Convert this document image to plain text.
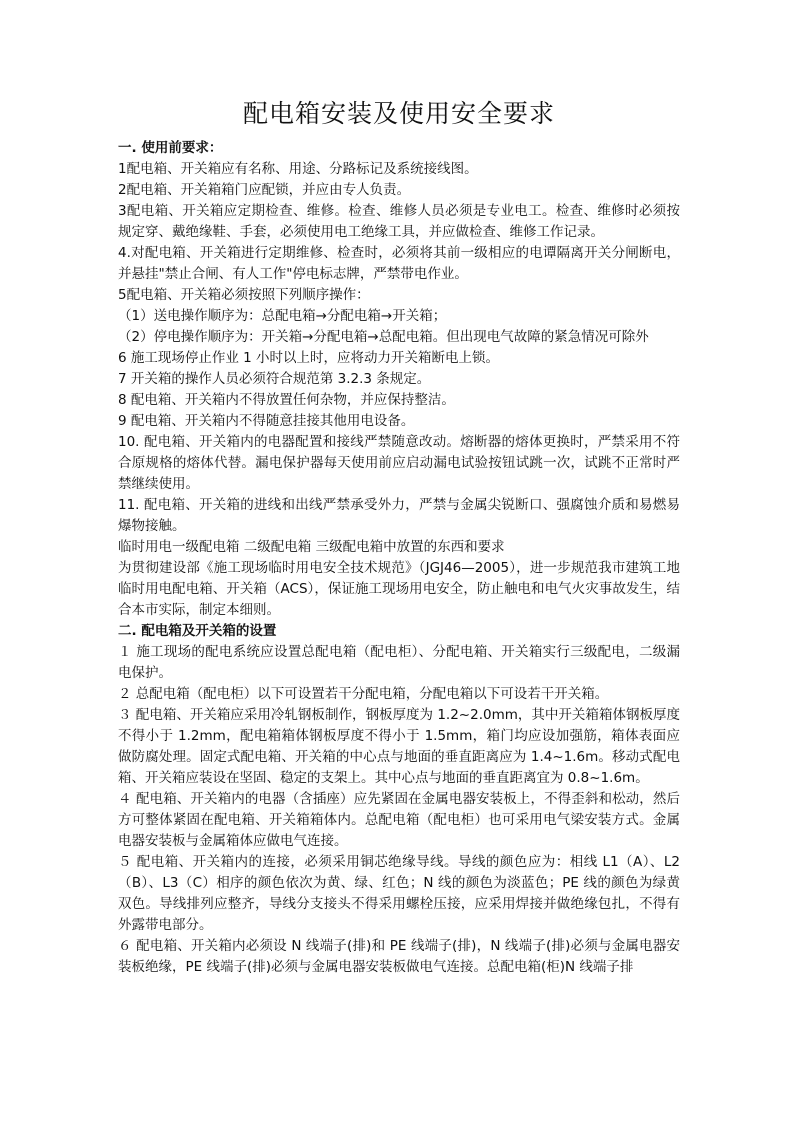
配电箱安装及使用安全要求

一. 使用前要求：

1配电箱、开关箱应有名称、用途、分路标记及系统接线图。

2配电箱、开关箱箱门应配锁，并应由专人负责。

3配电箱、开关箱应定期检查、维修。检查、维修人员必须是专业电工。检查、维修时必须按规定穿、戴绝缘鞋、手套，必须使用电工绝缘工具，并应做检查、维修工作记录。

4.对配电箱、开关箱进行定期维修、检查时，必须将其前一级相应的电谭隔离开关分闸断电，并悬挂"禁止合闸、有人工作"停电标志牌，严禁带电作业。

5配电箱、开关箱必须按照下列顺序操作：

（1）送电操作顺序为：总配电箱→分配电箱→开关箱；

（2）停电操作顺序为：开关箱→分配电箱→总配电箱。但出现电气故障的紧急情况可除外

6 施工现场停止作业 1 小时以上时，应将动力开关箱断电上锁。

7 开关箱的操作人员必须符合规范第 3.2.3 条规定。

8 配电箱、开关箱内不得放置任何杂物，并应保持整洁。

9 配电箱、开关箱内不得随意挂接其他用电设备。

10. 配电箱、开关箱内的电器配置和接线严禁随意改动。熔断器的熔体更换时，严禁采用不符合原规格的熔体代替。漏电保护器每天使用前应启动漏电试验按钮试跳一次，试跳不正常时严禁继续使用。

11. 配电箱、开关箱的进线和出线严禁承受外力，严禁与金属尖锐断口、强腐蚀介质和易燃易爆物接触。

临时用电一级配电箱 二级配电箱 三级配电箱中放置的东西和要求

为贯彻建设部《施工现场临时用电安全技术规范》（JGJ46—2005），进一步规范我市建筑工地临时用电配电箱、开关箱（ACS），保证施工现场用电安全，防止触电和电气火灾事故发生，结合本市实际，制定本细则。

二. 配电箱及开关箱的设置

１ 施工现场的配电系统应设置总配电箱（配电柜）、分配电箱、开关箱实行三级配电，二级漏电保护。

２ 总配电箱（配电柜）以下可设置若干分配电箱，分配电箱以下可设若干开关箱。

３ 配电箱、开关箱应采用冷轧钢板制作，钢板厚度为 1.2~2.0mm，其中开关箱箱体钢板厚度不得小于 1.2mm，配电箱箱体钢板厚度不得小于 1.5mm，箱门均应设加强筋，箱体表面应做防腐处理。固定式配电箱、开关箱的中心点与地面的垂直距离应为 1.4~1.6m。移动式配电箱、开关箱应装设在坚固、稳定的支架上。其中心点与地面的垂直距离宜为 0.8~1.6m。

４ 配电箱、开关箱内的电器（含插座）应先紧固在金属电器安装板上，不得歪斜和松动，然后方可整体紧固在配电箱、开关箱箱体内。总配电箱（配电柜）也可采用电气梁安装方式。金属电器安装板与金属箱体应做电气连接。

５ 配电箱、开关箱内的连接，必须采用铜芯绝缘导线。导线的颜色应为：相线 L1（A）、L2（B）、L3（C）相序的颜色依次为黄、绿、红色；N 线的颜色为淡蓝色；PE 线的颜色为绿黄双色。导线排列应整齐，导线分支接头不得采用螺栓压接，应采用焊接并做绝缘包扎，不得有外露带电部分。

６ 配电箱、开关箱内必须设 N 线端子(排)和 PE 线端子(排)，N 线端子(排)必须与金属电器安装板绝缘，PE 线端子(排)必须与金属电器安装板做电气连接。总配电箱(柜)N 线端子排
